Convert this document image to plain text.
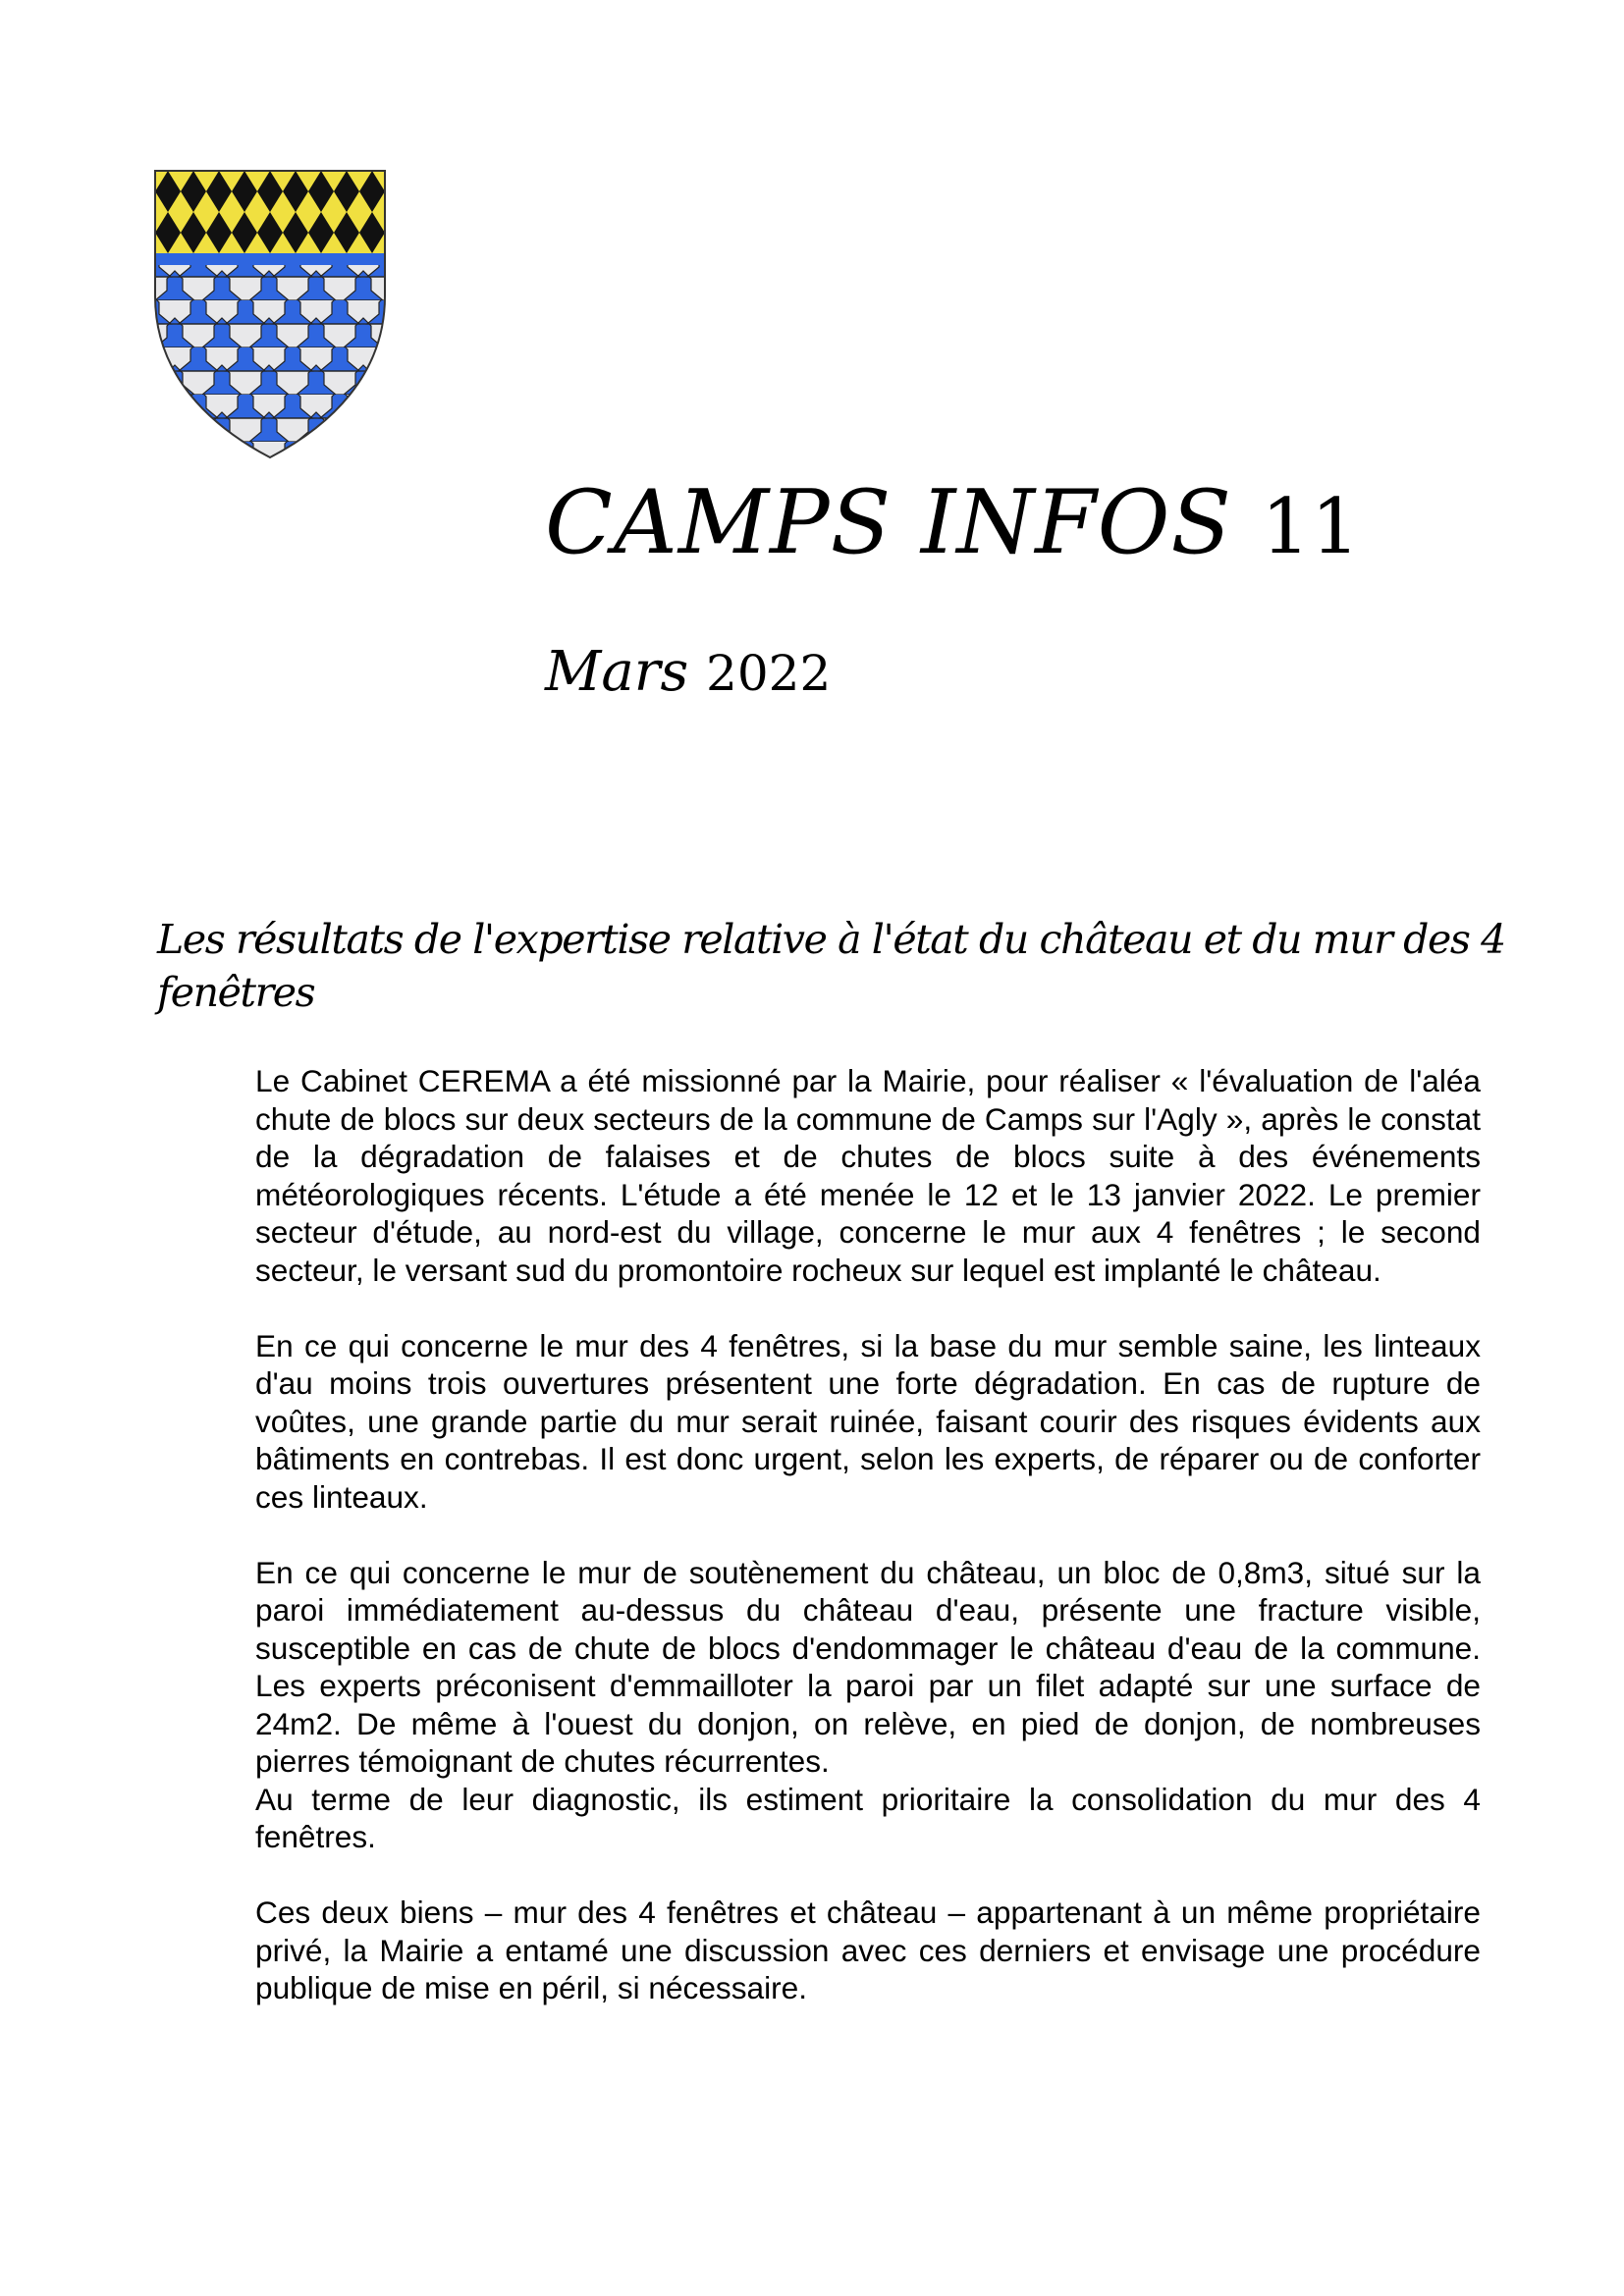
CAMPS INFOS 11
Mars 2022
Les résultats de l'expertise relative à l'état du château et du mur des 4 fenêtres

Le Cabinet CEREMA a été missionné par la Mairie, pour réaliser « l'évaluation de l'aléa chute de blocs sur deux secteurs de la commune de Camps sur l'Agly », après le constat de la dégradation de falaises et de chutes de blocs suite à des événements météorologiques récents. L'étude a été menée le 12 et le 13 janvier 2022. Le premier secteur d'étude, au nord-est du village, concerne le mur aux 4 fenêtres ; le second secteur, le versant sud du promontoire rocheux sur lequel est implanté le château.

En ce qui concerne le mur des 4 fenêtres, si la base du mur semble saine, les linteaux d'au moins trois ouvertures présentent une forte dégradation. En cas de rupture de voûtes, une grande partie du mur serait ruinée, faisant courir des risques évidents aux bâtiments en contrebas. Il est donc urgent, selon les experts, de réparer ou de conforter ces linteaux.

En ce qui concerne le mur de soutènement du château, un bloc de 0,8m3, situé sur la paroi immédiatement au-dessus du château d'eau, présente une fracture visible, susceptible en cas de chute de blocs d'endommager le château d'eau de la commune. Les experts préconisent d'emmailloter la paroi par un filet adapté sur une surface de 24m2. De même à l'ouest du donjon, on relève, en pied de donjon, de nombreuses pierres témoignant de chutes récurrentes.

Au terme de leur diagnostic, ils estiment prioritaire la consolidation du mur des 4 fenêtres.

Ces deux biens – mur des 4 fenêtres et château – appartenant à un même propriétaire privé, la Mairie a entamé une discussion avec ces derniers et envisage une procédure publique de mise en péril, si nécessaire.
